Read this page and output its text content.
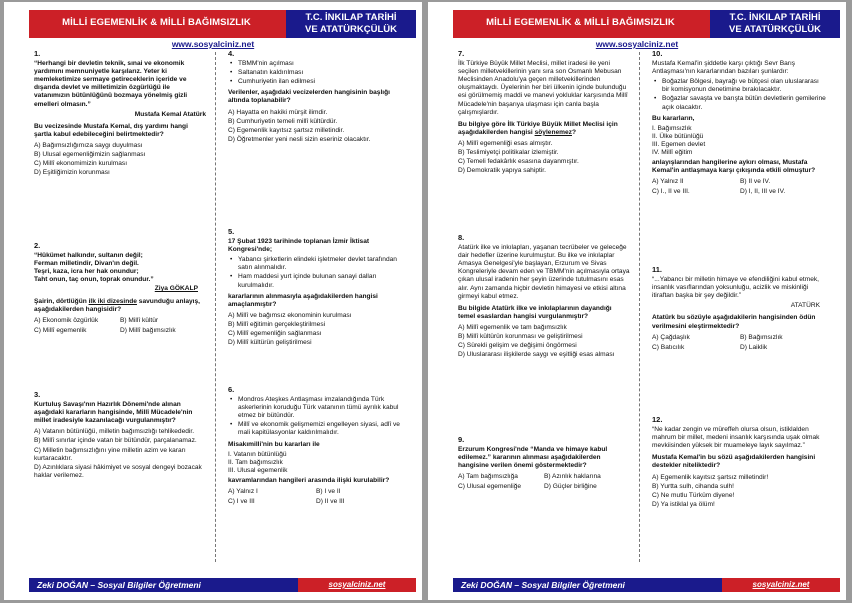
MİLLİ EGEMENLİK & MİLLİ BAĞIMSIZLIK	T.C. İNKILAP TARİHİ
VE ATATÜRKÇÜLÜK
www.sosyalciniz.net
1.
“Herhangi bir devletin teknik, sınai ve ekonomik yardımını memnuniyetle karşılarız. Yeter ki memleketimize sermaye getireceklerin içeride ve dışarıda devlet ve milletimizin özgürlüğü ile vatanımızın bütünlüğünü bozmaya yönelmiş gizli emelleri olmasın.”
Mustafa Kemal Atatürk
Bu vecizesinde Mustafa Kemal, dış yardımı hangi şartla kabul edebileceğini belirtmektedir?
A) Bağımsızlığımıza saygı duyulması
B) Ulusal egemenliğimizin sağlanması
C) Millî ekonomimizin kurulması
D) Eşitliğimizin korunması
2.
“Hükümet halkındır, sultanın değil;
Ferman milletindir, Divan'ın değil.
Teşri, kaza, icra her hak onundur;
Taht onun, taç onun, toprak onundur.”
Ziya GÖKALP
Şairin, dörtlüğün ilk iki dizesinde savunduğu anlayış, aşağıdakilerden hangisidir?
A) Ekonomik özgürlük	B) Millî kültür
C) Millî egemenlik	D) Millî bağımsızlık
3.
Kurtuluş Savaşı'nın Hazırlık Dönemi'nde alınan aşağıdaki kararların hangisinde, Millî Mücadele'nin millet iradesiyle kazanılacağı vurgulanmıştır?
A) Vatanın bütünlüğü, milletin bağımsızlığı tehlikededir.
B) Millî sınırlar içinde vatan bir bütündür, parçalanamaz.
C) Milletin bağımsızlığını yine milletin azim ve kararı kurtaracaktır.
D) Azınlıklara siyasi hâkimiyet ve sosyal dengeyi bozacak haklar verilemez.
4.
• TBMM'nin açılması
• Saltanatın kaldırılması
• Cumhuriyetin ilan edilmesi
Verilenler, aşağıdaki vecizelerden hangisinin başlığı altında toplanabilir?
A) Hayatta en hakiki mürşit ilimdir.
B) Cumhuriyetin temeli millî kültürdür.
C) Egemenlik kayıtsız şartsız milletindir.
D) Öğretmenler yeni nesli sizin eseriniz olacaktır.
5.
17 Şubat 1923 tarihinde toplanan İzmir İktisat Kongresi'nde;
• Yabancı şirketlerin elindeki işletmeler devlet tarafından satın alınmalıdır.
• Ham maddesi yurt içinde bulunan sanayi dalları kurulmalıdır.
kararlarının alınmasıyla aşağıdakilerden hangisi amaçlanmıştır?
A) Millî ve bağımsız ekonominin kurulması
B) Millî eğitimin gerçekleştirilmesi
C) Millî egemenliğin sağlanması
D) Millî kültürün geliştirilmesi
6.
• Mondros Ateşkes Antlaşması imzalandığında Türk askerlerinin koruduğu Türk vatanının tümü ayrılık kabul etmez bir bütündür.
• Millî ve ekonomik gelişmemizi engelleyen siyasi, adlî ve mali kapitülasyonlar kaldırılmalıdır.
Misakımilli'nin bu kararları ile
I. Vatanın bütünlüğü
II. Tam bağımsızlık
III. Ulusal egemenlik
kavramlarından hangileri arasında ilişki kurulabilir?
A) Yalnız I	B) I ve II
C) I ve III	D) II ve III
Zeki DOĞAN – Sosyal Bilgiler Öğretmeni	sosyalciniz.net
MİLLİ EGEMENLİK & MİLLİ BAĞIMSIZLIK	T.C. İNKILAP TARİHİ
VE ATATÜRKÇÜLÜK
www.sosyalciniz.net
7.
İlk Türkiye Büyük Millet Meclisi, millet iradesi ile yeni seçilen milletvekillerinin yanı sıra son Osmanlı Mebusan Meclisinden Anadolu'ya geçen milletvekillerinden oluşmaktaydı. Üyelerinin her biri ülkenin içinde bulunduğu esi görülmemiş maddi ve manevi yokluklar karşısında Millî Mücadele'nin başarıya ulaşması için canla başla çalışmışlardır.
Bu bilgiye göre İlk Türkiye Büyük Millet Meclisi için aşağıdakilerden hangisi söylenemez?
A) Millî egemenliği esas almıştır.
B) Teslimiyetçi politikalar izlemiştir.
C) Temeli fedakârlık esasına dayanmıştır.
D) Demokratik yapıya sahiptir.
8.
Atatürk ilke ve inkılapları, yaşanan tecrübeler ve geleceğe dair hedefler üzerine kurulmuştur. Bu ilke ve inkılaplar Amasya Genelgesi'yle başlayan, Erzurum ve Sivas Kongreleriyle devam eden ve TBMM'nin açılmasıyla ortaya çıkan ulusal iradenin her şeyin üzerinde tutulmasını esas alır. Aynı zamanda hiçbir devletin himayesi ve etkisi altına girmeyi kabul etmez.
Bu bilgide Atatürk ilke ve inkılaplarının dayandığı temel esaslardan hangisi vurgulanmıştır?
A) Millî egemenlik ve tam bağımsızlık
B) Millî kültürün korunması ve geliştirilmesi
C) Sürekli gelişim ve değişimi öngörmesi
D) Uluslararası ilişkilerde saygı ve eşitliği esas alması
9.
Erzurum Kongresi'nde “Manda ve himaye kabul edilemez.” kararının alınması aşağıdakilerden hangisine verilen önemi göstermektedir?
A) Tam bağımsızlığa	B) Azınlık haklarına
C) Ulusal egemenliğe	D) Güçler birliğine
10.
Mustafa Kemal'in şiddetle karşı çıktığı Sevr Barış Antlaşması'nın kararlarından bazıları şunlardır:
• Boğazlar Bölgesi, bayrağı ve bütçesi olan uluslararası bir komisyonun denetimine bırakılacaktır.
• Boğazlar savaşta ve barışta bütün devletlerin gemilerine açık olacaktır.
Bu kararların,
I. Bağımsızlık
II. Ülke bütünlüğü
III. Egemen devlet
IV. Millî eğitim
anlayışlarından hangilerine aykırı olması, Mustafa Kemal'in antlaşmaya karşı çıkışında etkili olmuştur?
A) Yalnız II	B) II ve IV.
C) I., II ve III.	D) I, II, III ve IV.
11.
“...Yabancı bir milletin himaye ve efendiliğini kabul etmek, insanlık vasıflarından yoksunluğu, acizlik ve miskinliği itiraftan başka bir şey değildir.”
ATATÜRK
Atatürk bu sözüyle aşağıdakilerin hangisinden ödün verilmesini eleştirmektedir?
A) Çağdaşlık	B) Bağımsızlık
C) Batıcılık	D) Laiklik
12.
“Ne kadar zengin ve müreffeh olursa olsun, istiklalden mahrum bir millet, medeni insanlık karşısında uşak olmak mevkiisinden yüksek bir muameleye layık sayılmaz.”
Mustafa Kemal'in bu sözü aşağıdakilerden hangisini destekler niteliktedir?
A) Egemenlik kayıtsız şartsız milletindir!
B) Yurtta sulh, cihanda sulh!
C) Ne mutlu Türküm diyene!
D) Ya istiklal ya ölüm!
Zeki DOĞAN – Sosyal Bilgiler Öğretmeni	sosyalciniz.net
